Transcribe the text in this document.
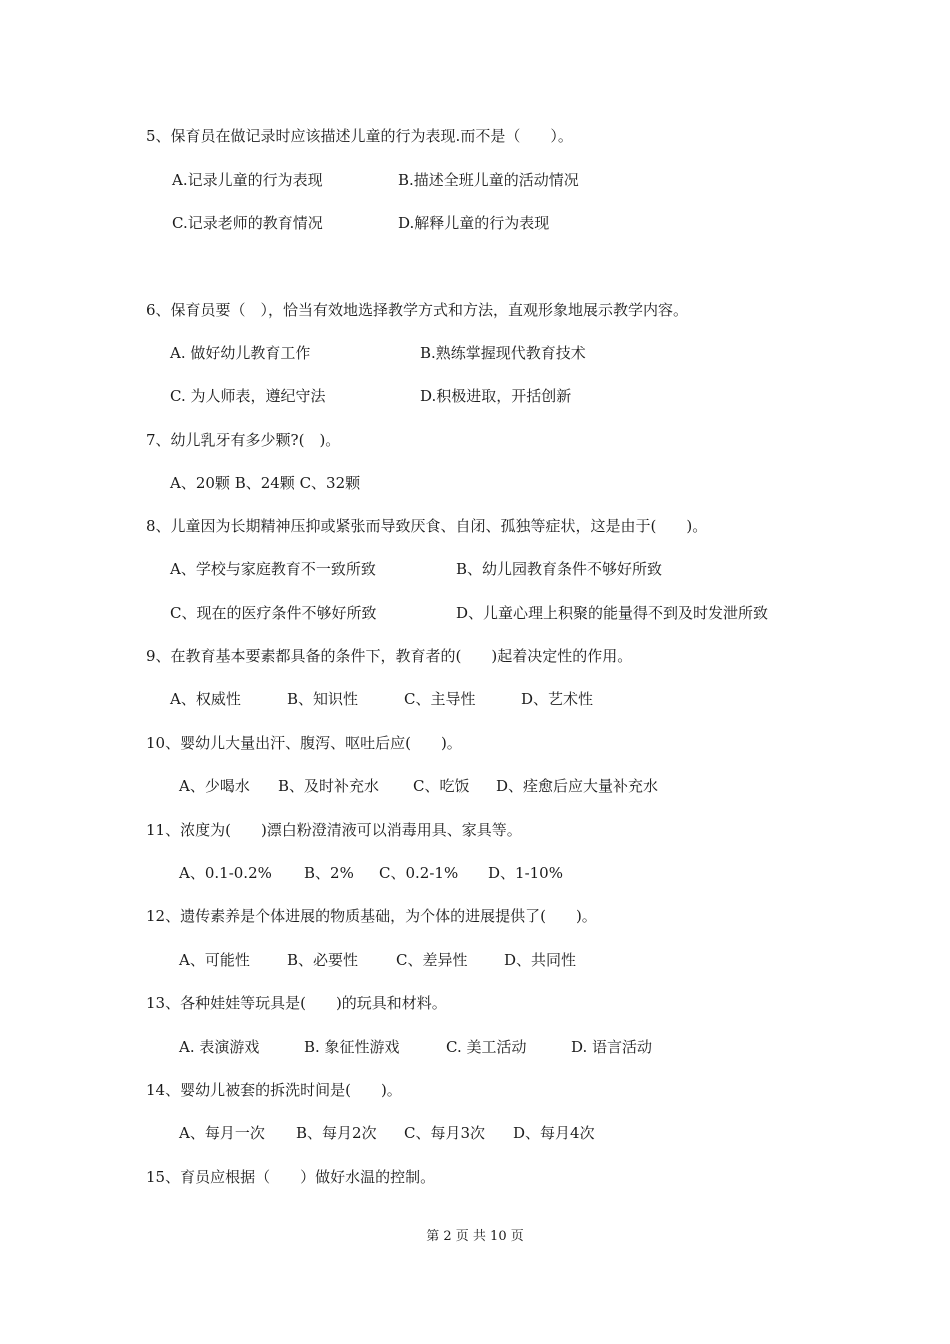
5、保育员在做记录时应该描述儿童的行为表现.而不是（　　）。
A.记录儿童的行为表现	B.描述全班儿童的活动情况
C.记录老师的教育情况	D.解释儿童的行为表现
6、保育员要（　），恰当有效地选择教学方式和方法，直观形象地展示教学内容。
A. 做好幼儿教育工作	B.熟练掌握现代教育技术
C. 为人师表，遵纪守法	D.积极进取，开括创新
7、幼儿乳牙有多少颗?(　)。
A、20颗 B、24颗 C、32颗
8、儿童因为长期精神压抑或紧张而导致厌食、自闭、孤独等症状，这是由于(　　)。
A、学校与家庭教育不一致所致	B、幼儿园教育条件不够好所致
C、现在的医疗条件不够好所致	D、儿童心理上积聚的能量得不到及时发泄所致
9、在教育基本要素都具备的条件下，教育者的(　　)起着决定性的作用。
A、权威性	B、知识性	C、主导性	D、艺术性
10、婴幼儿大量出汗、腹泻、呕吐后应(　　)。
A、少喝水 B、及时补充水 C、吃饭 D、痊愈后应大量补充水
11、浓度为(　　)漂白粉澄清液可以消毒用具、家具等。
A、0.1-0.2% B、2% C、0.2-1% D、1-10%
12、遗传素养是个体进展的物质基础，为个体的进展提供了(　　)。
A、可能性 B、必要性	C、差异性 D、共同性
13、各种娃娃等玩具是(　　)的玩具和材料。
A. 表演游戏	B. 象征性游戏	C. 美工活动	D. 语言活动
14、婴幼儿被套的拆洗时间是(　　)。
A、每月一次 B、每月2次 C、每月3次 D、每月4次
15、育员应根据（　　）做好水温的控制。
第 2 页 共 10 页
